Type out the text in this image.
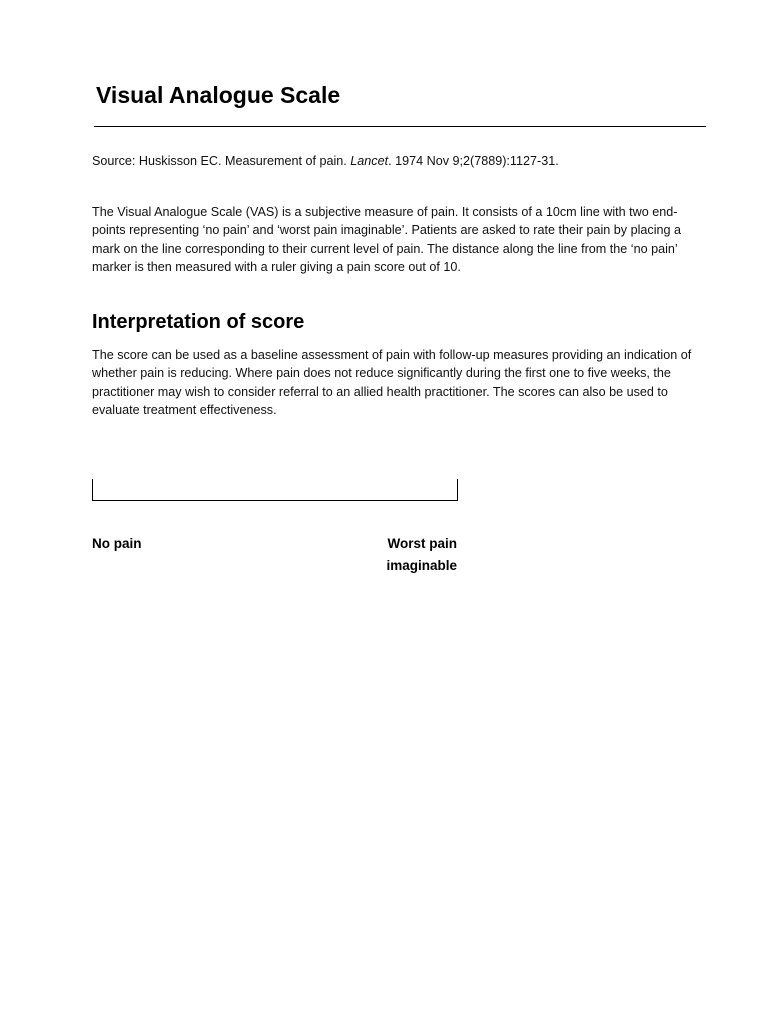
Visual Analogue Scale

Source: Huskisson EC. Measurement of pain. Lancet. 1974 Nov 9;2(7889):1127-31.

The Visual Analogue Scale (VAS) is a subjective measure of pain. It consists of a 10cm line with two end-points representing ‘no pain’ and ‘worst pain imaginable’. Patients are asked to rate their pain by placing a mark on the line corresponding to their current level of pain. The distance along the line from the ‘no pain’ marker is then measured with a ruler giving a pain score out of 10.

Interpretation of score

The score can be used as a baseline assessment of pain with follow-up measures providing an indication of whether pain is reducing. Where pain does not reduce significantly during the first one to five weeks, the practitioner may wish to consider referral to an allied health practitioner. The scores can also be used to evaluate treatment effectiveness.

No pain	Worst pain
imaginable
